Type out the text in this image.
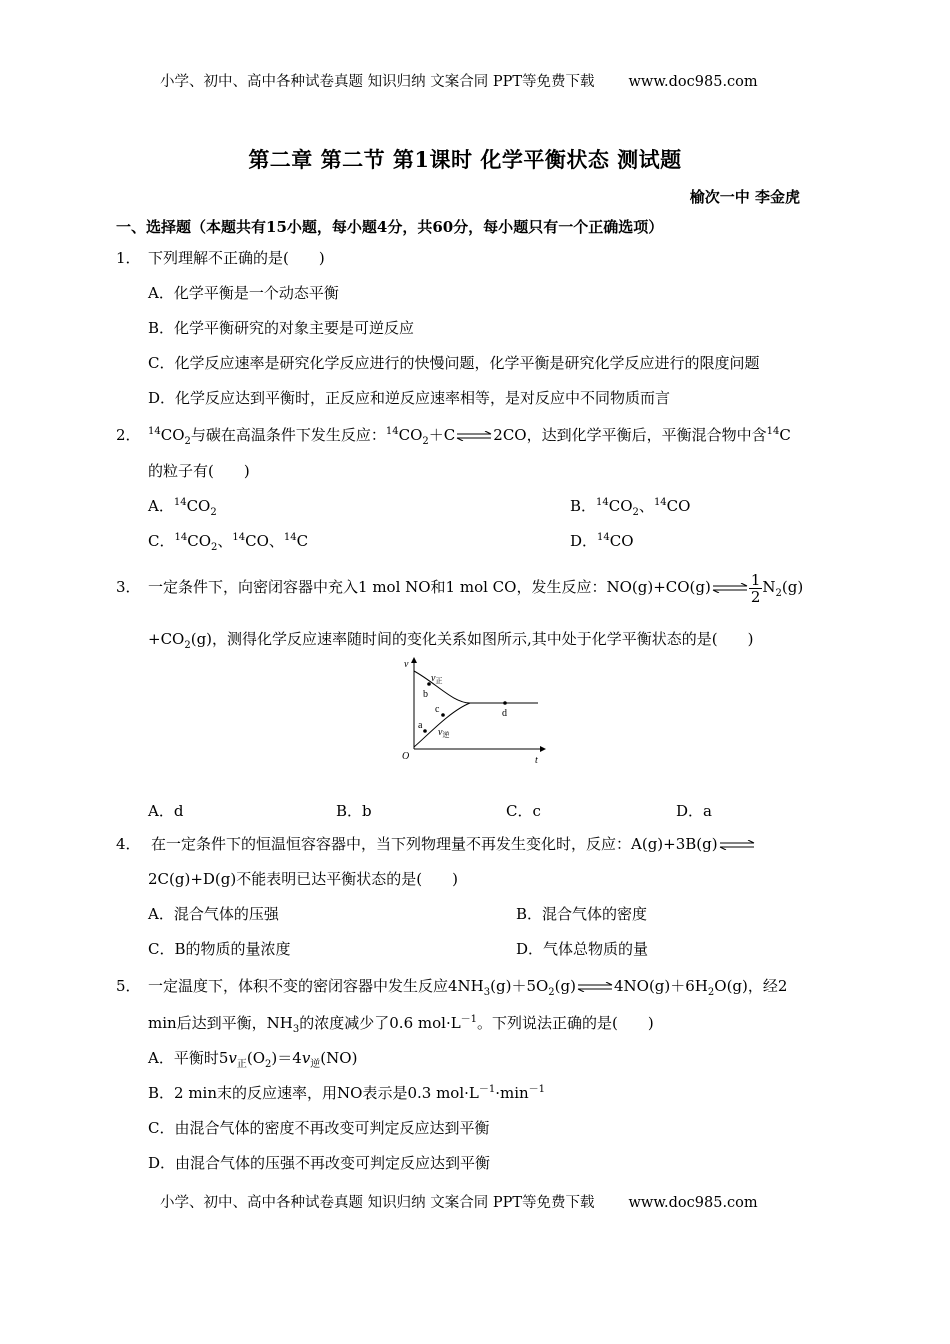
小学、初中、高中各种试卷真题 知识归纳 文案合同 PPT等免费下载 www.doc985.com
第二章 第二节 第1课时 化学平衡状态 测试题
榆次一中 李金虎
一、选择题（本题共有15小题，每小题4分，共60分，每小题只有一个正确选项）
1． 下列理解不正确的是(　　)
A．化学平衡是一个动态平衡
B．化学平衡研究的对象主要是可逆反应
C．化学反应速率是研究化学反应进行的快慢问题，化学平衡是研究化学反应进行的限度问题
D．化学反应达到平衡时，正反应和逆反应速率相等，是对反应中不同物质而言
2． $^{14}CO_2$与碳在高温条件下发生反应：$^{14}CO_2+C\rightleftharpoons 2CO$，达到化学平衡后，平衡混合物中含$^{14}$C
的粒子有(　　)
A．$^{14}CO_2$	B．$^{14}CO_2$、$^{14}$CO
C．$^{14}CO_2$、$^{14}$CO、$^{14}$C	D．$^{14}$CO
3． 一定条件下，向密闭容器中充入1 mol NO和1 mol CO，发生反应：NO(g)+CO(g)⇌ $\frac{1}{2} N_2(g)$
$+CO_2(g)$，测得化学反应速率随时间的变化关系如图所示,其中处于化学平衡状态的是(　　)
v
t
O
b
c
a
d
$v_正$
$v_逆$
A．d	B．b	C．c	D．a
4． 在一定条件下的恒温恒容容器中，当下列物理量不再发生变化时，反应：A(g)+3B(g)⇌
2C(g)+D(g)不能表明已达平衡状态的是(　　)
A．混合气体的压强	B．混合气体的密度
C．B的物质的量浓度	D．气体总物质的量
5． 一定温度下，体积不变的密闭容器中发生反应$4NH_3(g)+5O_2(g)\rightleftharpoons 4NO(g)+6H_2O(g)$，经2
min后达到平衡，$NH_3$的浓度减少了0.6 $mol\cdot L^{-1}$。下列说法正确的是(　　)
A．平衡时$5v_正(O_2)=4v_逆(NO)$
B．2 min末的反应速率，用NO表示是0.3 $mol\cdot L^{-1}\cdot\min^{-1}$
C．由混合气体的密度不再改变可判定反应达到平衡
D．由混合气体的压强不再改变可判定反应达到平衡
小学、初中、高中各种试卷真题 知识归纳 文案合同 PPT等免费下载 www.doc985.com
